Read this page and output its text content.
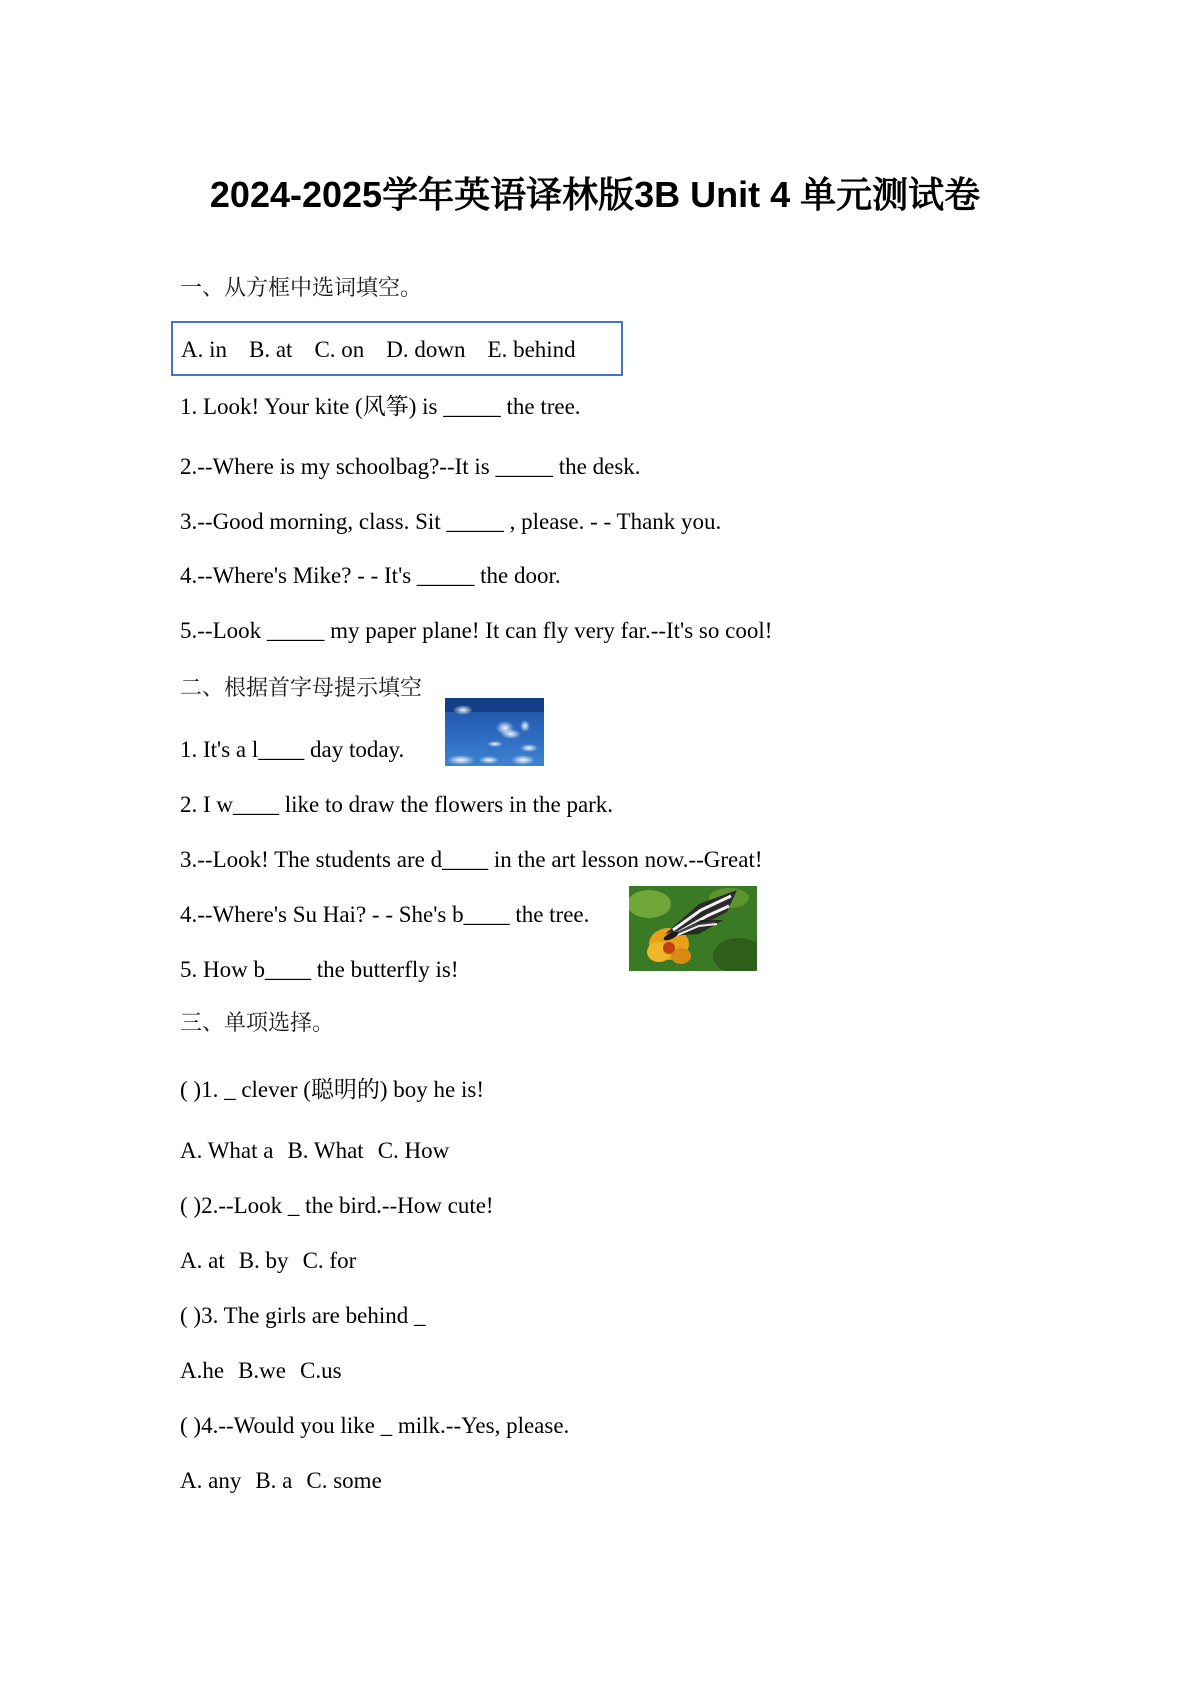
2024-2025学年英语译林版3B Unit 4 单元测试卷
一、从方框中选词填空。
A. in B. at C. on D. down E. behind
1. Look! Your kite (风筝) is _____ the tree.
2.--Where is my schoolbag?--It is _____ the desk.
3.--Good morning, class. Sit _____ , please. - - Thank you.
4.--Where's Mike? - - It's _____ the door.
5.--Look _____ my paper plane! It can fly very far.--It's so cool!
二、根据首字母提示填空
1. It's a l____ day today.
2. I w____ like to draw the flowers in the park.
3.--Look! The students are d____ in the art lesson now.--Great!
4.--Where's Su Hai? - - She's b____ the tree.
5. How b____ the butterfly is!
三、单项选择。
( )1. _ clever (聪明的) boy he is!
A. What a B. What C. How
( )2.--Look _ the bird.--How cute!
A. at B. by C. for
( )3. The girls are behind _
A.he B.we C.us
( )4.--Would you like _ milk.--Yes, please.
A. any B. a C. some
